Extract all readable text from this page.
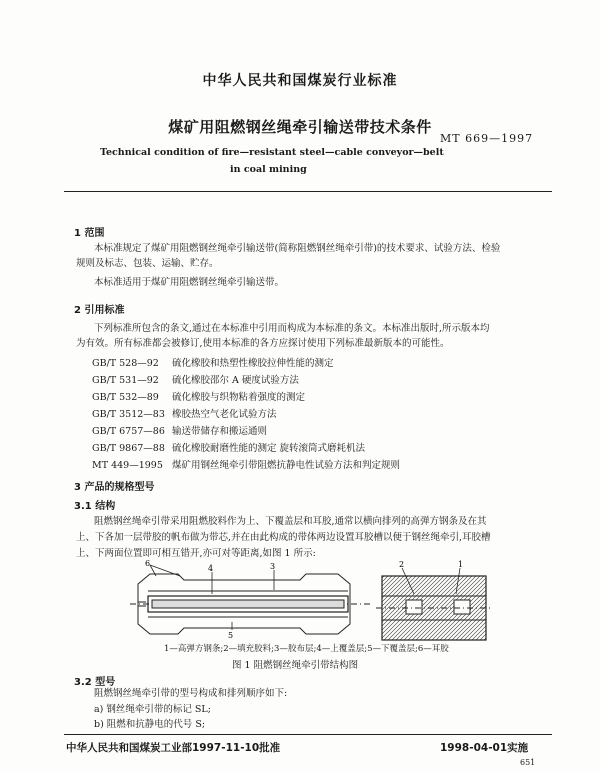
中华人民共和国煤炭行业标准
煤矿用阻燃钢丝绳牵引输送带技术条件
MT 669—1997
Technical condition of fire—resistant steel—cable conveyor—belt
in coal mining
1 范围
本标准规定了煤矿用阻燃钢丝绳牵引输送带(简称阻燃钢丝绳牵引带)的技术要求、试验方法、检验
规则及标志、包装、运输、贮存。
本标准适用于煤矿用阻燃钢丝绳牵引输送带。
2 引用标准
下列标准所包含的条文,通过在本标准中引用而构成为本标准的条文。本标准出版时,所示版本均
为有效。所有标准都会被修订,使用本标准的各方应探讨使用下列标准最新版本的可能性。
GB/T 528—92 硫化橡胶和热塑性橡胶拉伸性能的测定
GB/T 531—92 硫化橡胶邵尔 A 硬度试验方法
GB/T 532—89 硫化橡胶与织物粘着强度的测定
GB/T 3512—83 橡胶热空气老化试验方法
GB/T 6757—86 输送带储存和搬运通则
GB/T 9867—88 硫化橡胶耐磨性能的测定 旋转滚筒式磨耗机法
MT 449—1995 煤矿用钢丝绳牵引带阻燃抗静电性试验方法和判定规则
3 产品的规格型号
3.1 结构
阻燃钢丝绳牵引带采用阻燃胶料作为上、下覆盖层和耳胶,通常以横向排列的高弹方钢条及在其
上、下各加一层带胶的帆布做为带芯,并在由此构成的带体两边设置耳胶槽以便于钢丝绳牵引,耳胶槽
上、下两面位置即可相互错开,亦可对等距离,如图 1 所示:
6
4	3
5
2	1
1—高弹方钢条;2—填充胶料;3—胶布层;4—上覆盖层;5—下覆盖层;6—耳胶
图 1 阻燃钢丝绳牵引带结构图
3.2 型号
阻燃钢丝绳牵引带的型号构成和排列顺序如下:
a) 钢丝绳牵引带的标记 SL;
b) 阻燃和抗静电的代号 S;
中华人民共和国煤炭工业部1997-11-10批准	1998-04-01实施
651
